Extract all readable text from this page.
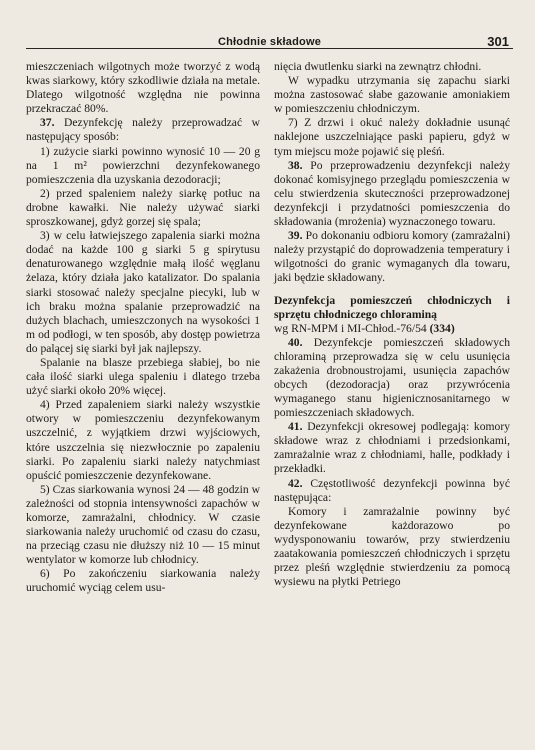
Chłodnie składowe	301

mieszczeniach wilgotnych może tworzyć z wodą kwas siarkowy, który szkodliwie działa na metale. Dlatego wilgotność względna nie powinna przekraczać 80%.

37. Dezynfekcję należy przeprowadzać w następujący sposób:

1) zużycie siarki powinno wynosić 10 — 20 g na 1 m² powierzchni dezynfekowanego pomieszczenia dla uzyskania dezodoracji;

2) przed spaleniem należy siarkę potłuc na drobne kawałki. Nie należy używać siarki sproszkowanej, gdyż gorzej się spala;

3) w celu łatwiejszego zapalenia siarki można dodać na każde 100 g siarki 5 g spirytusu denaturowanego względnie małą ilość węglanu żelaza, który działa jako katalizator. Do spalania siarki stosować należy specjalne piecyki, lub w ich braku można spalanie przeprowadzić na dużych blachach, umieszczonych na wysokości 1 m od podłogi, w ten sposób, aby dostęp powietrza do palącej się siarki był jak najlepszy.

Spalanie na blasze przebiega słabiej, bo nie cała ilość siarki ulega spaleniu i dlatego trzeba użyć siarki około 20% więcej.

4) Przed zapaleniem siarki należy wszystkie otwory w pomieszczeniu dezynfekowanym uszczelnić, z wyjątkiem drzwi wyjściowych, które uszczelnia się niezwłocznie po zapaleniu siarki. Po zapaleniu siarki należy natychmiast opuścić pomieszczenie dezynfekowane.

5) Czas siarkowania wynosi 24 — 48 godzin w zależności od stopnia intensywności zapachów w komorze, zamrażalni, chłodnicy. W czasie siarkowania należy uruchomić od czasu do czasu, na przeciąg czasu nie dłuższy niż 10 — 15 minut wentylator w komorze lub chłodnicy.

6) Po zakończeniu siarkowania należy uruchomić wyciąg celem usu-

nięcia dwutlenku siarki na zewnątrz chłodni.

W wypadku utrzymania się zapachu siarki można zastosować słabe gazowanie amoniakiem w pomieszczeniu chłodniczym.

7) Z drzwi i okuć należy dokładnie usunąć naklejone uszczelniające paski papieru, gdyż w tym miejscu może pojawić się pleśń.

38. Po przeprowadzeniu dezynfekcji należy dokonać komisyjnego przeglądu pomieszczenia w celu stwierdzenia skuteczności przeprowadzonej dezynfekcji i przydatności pomieszczenia do składowania (mrożenia) wyznaczonego towaru.

39. Po dokonaniu odbioru komory (zamrażalni) należy przystąpić do doprowadzenia temperatury i wilgotności do granic wymaganych dla towaru, jaki będzie składowany.

Dezynfekcja pomieszczeń chłodniczych i sprzętu chłodniczego chloraminą

wg RN-MPM i MI-Chłod.-76/54 (334)

40. Dezynfekcje pomieszczeń składowych chloraminą przeprowadza się w celu usunięcia zakażenia drobnoustrojami, usunięcia zapachów obcych (dezodoracja) oraz przywrócenia wymaganego stanu higienicznosanitarnego w pomieszczeniach składowych.

41. Dezynfekcji okresowej podlegają: komory składowe wraz z chłodniami i przedsionkami, zamrażalnie wraz z chłodniami, halle, podkłady i przekładki.

42. Częstotliwość dezynfekcji powinna być następująca:

Komory i zamrażalnie powinny być dezynfekowane każdorazowo po wydysponowaniu towarów, przy stwierdzeniu zaatakowania pomieszczeń chłodniczych i sprzętu przez pleśń względnie stwierdzeniu za pomocą wysiewu na płytki Petriego
